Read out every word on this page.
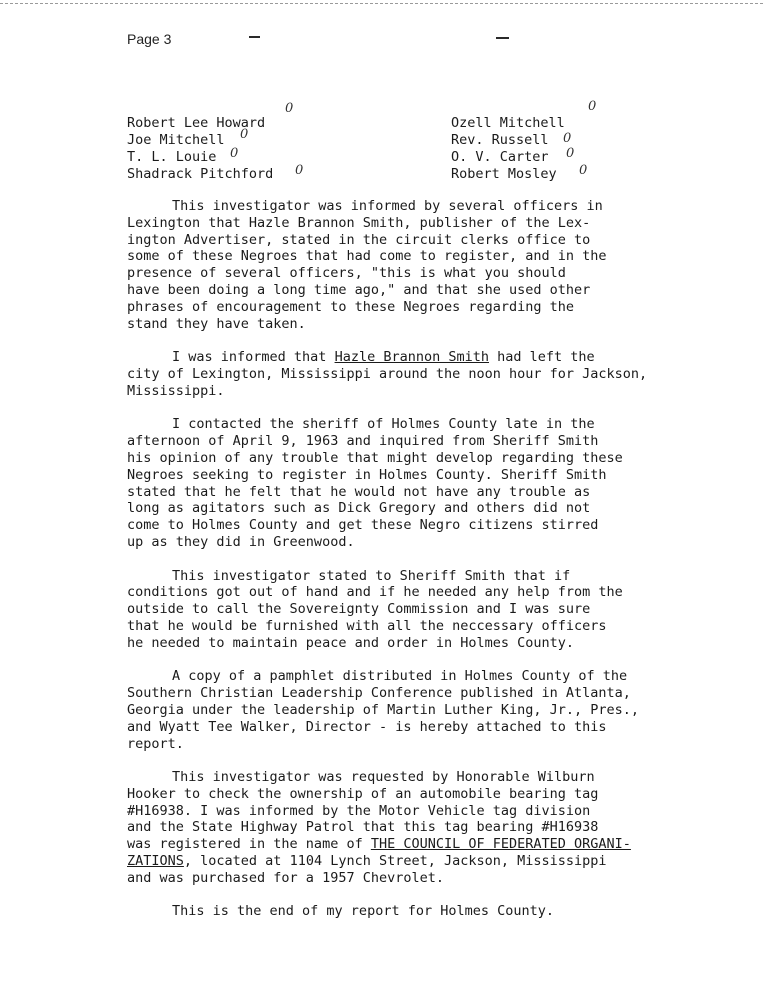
Page 3
Robert Lee Howard
Joe Mitchell
T. L. Louie
Shadrack Pitchford
0
0
0
0
Ozell Mitchell
Rev. Russell
O. V. Carter
Robert Mosley
0
0
0
0

This investigator was informed by several officers in
Lexington that Hazle Brannon Smith, publisher of the Lex-
ington Advertiser, stated in the circuit clerks office to
some of these Negroes that had come to register, and in the
presence of several officers, "this is what you should
have been doing a long time ago," and that she used other
phrases of encouragement to these Negroes regarding the
stand they have taken.

I was informed that Hazle Brannon Smith had left the
city of Lexington, Mississippi around the noon hour for Jackson,
Mississippi.

I contacted the sheriff of Holmes County late in the
afternoon of April 9, 1963 and inquired from Sheriff Smith
his opinion of any trouble that might develop regarding these
Negroes seeking to register in Holmes County. Sheriff Smith
stated that he felt that he would not have any trouble as
long as agitators such as Dick Gregory and others did not
come to Holmes County and get these Negro citizens stirred
up as they did in Greenwood.

This investigator stated to Sheriff Smith that if
conditions got out of hand and if he needed any help from the
outside to call the Sovereignty Commission and I was sure
that he would be furnished with all the neccessary officers
he needed to maintain peace and order in Holmes County.

A copy of a pamphlet distributed in Holmes County of the
Southern Christian Leadership Conference published in Atlanta,
Georgia under the leadership of Martin Luther King, Jr., Pres.,
and Wyatt Tee Walker, Director - is hereby attached to this
report.

This investigator was requested by Honorable Wilburn
Hooker to check the ownership of an automobile bearing tag
#H16938. I was informed by the Motor Vehicle tag division
and the State Highway Patrol that this tag bearing #H16938
was registered in the name of THE COUNCIL OF FEDERATED ORGANI-
ZATIONS, located at 1104 Lynch Street, Jackson, Mississippi
and was purchased for a 1957 Chevrolet.

This is the end of my report for Holmes County.
